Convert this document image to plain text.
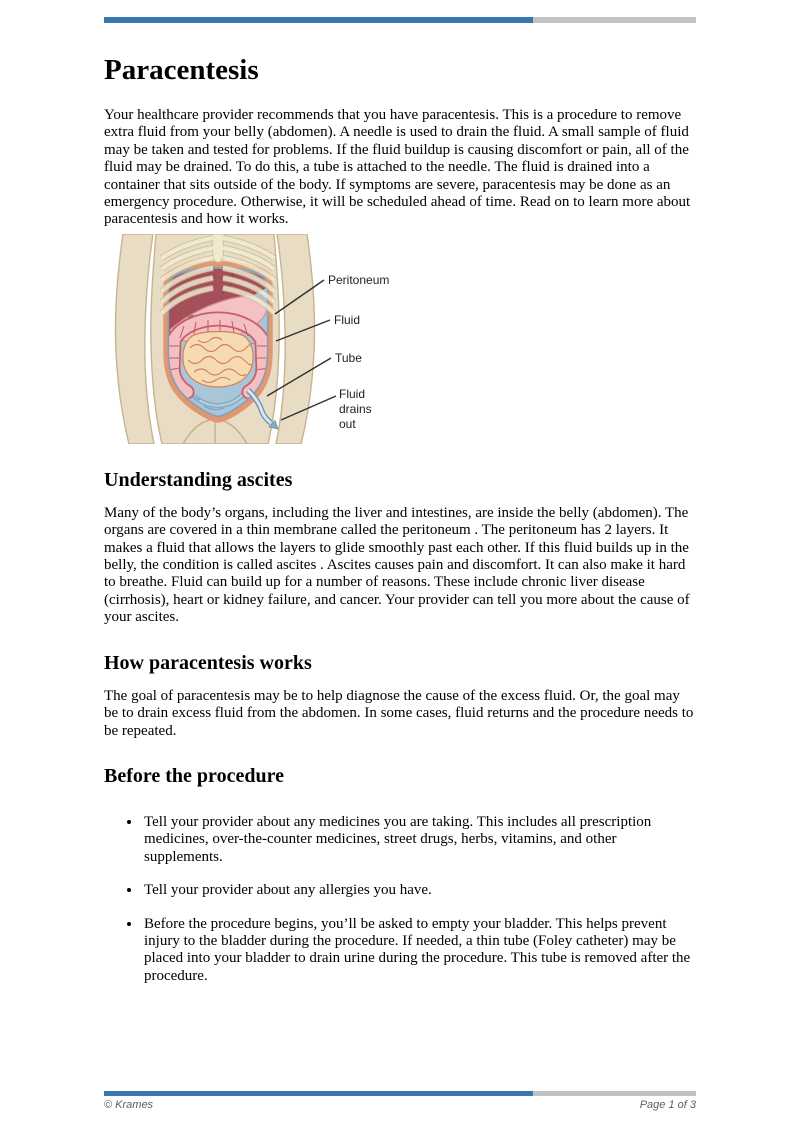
Paracentesis

Your healthcare provider recommends that you have paracentesis. This is a procedure to remove extra fluid from your belly (abdomen). A needle is used to drain the fluid. A small sample of fluid may be taken and tested for problems. If the fluid buildup is causing discomfort or pain, all of the fluid may be drained. To do this, a tube is attached to the needle. The fluid is drained into a container that sits outside of the body. If symptoms are severe, paracentesis may be done as an emergency procedure. Otherwise, it will be scheduled ahead of time. Read on to learn more about paracentesis and how it works.

Peritoneum
Fluid
Tube
Fluid
drains
out
Understanding ascites

Many of the body’s organs, including the liver and intestines, are inside the belly (abdomen). The organs are covered in a thin membrane called the peritoneum . The peritoneum has 2 layers. It makes a fluid that allows the layers to glide smoothly past each other. If this fluid builds up in the belly, the condition is called ascites . Ascites causes pain and discomfort. It can also make it hard to breathe. Fluid can build up for a number of reasons. These include chronic liver disease (cirrhosis), heart or kidney failure, and cancer. Your provider can tell you more about the cause of your ascites.

How paracentesis works

The goal of paracentesis may be to help diagnose the cause of the excess fluid. Or, the goal may be to drain excess fluid from the abdomen. In some cases, fluid returns and the procedure needs to be repeated.

Before the procedure
• Tell your provider about any medicines you are taking. This includes all prescription medicines, over-the-counter medicines, street drugs, herbs, vitamins, and other supplements.
• Tell your provider about any allergies you have.
• Before the procedure begins, you’ll be asked to empty your bladder. This helps prevent injury to the bladder during the procedure. If needed, a thin tube (Foley catheter) may be placed into your bladder to drain urine during the procedure. This tube is removed after the procedure.
© Krames	Page 1 of 3
